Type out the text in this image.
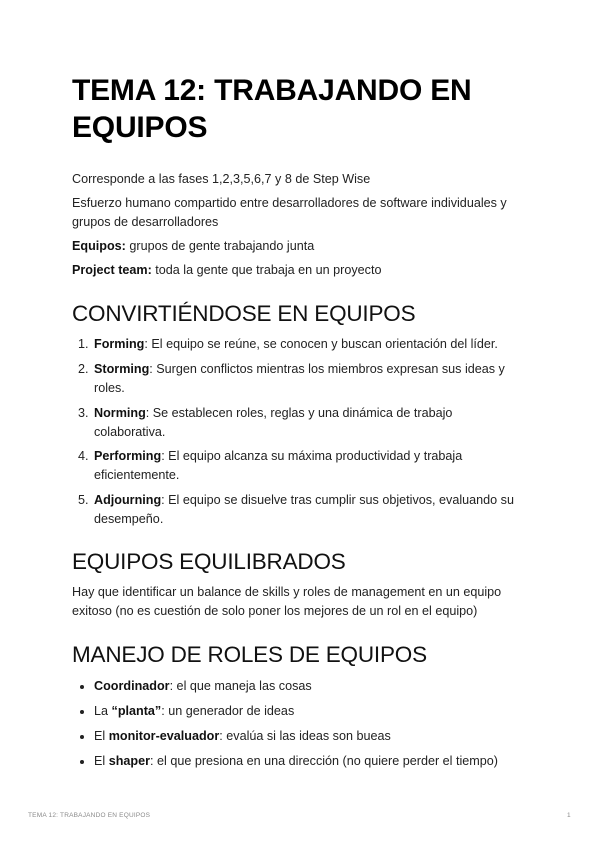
TEMA 12: TRABAJANDO EN EQUIPOS

Corresponde a las fases 1,2,3,5,6,7 y 8 de Step Wise

Esfuerzo humano compartido entre desarrolladores de software individuales y grupos de desarrolladores

Equipos: grupos de gente trabajando junta

Project team: toda la gente que trabaja en un proyecto

CONVIRTIÉNDOSE EN EQUIPOS
1. Forming: El equipo se reúne, se conocen y buscan orientación del líder.
2. Storming: Surgen conflictos mientras los miembros expresan sus ideas y roles.
3. Norming: Se establecen roles, reglas y una dinámica de trabajo colaborativa.
4. Performing: El equipo alcanza su máxima productividad y trabaja eficientemente.
5. Adjourning: El equipo se disuelve tras cumplir sus objetivos, evaluando su desempeño.
EQUIPOS EQUILIBRADOS

Hay que identificar un balance de skills y roles de management en un equipo exitoso (no es cuestión de solo poner los mejores de un rol en el equipo)

MANEJO DE ROLES DE EQUIPOS
Coordinador: el que maneja las cosas
La “planta”: un generador de ideas
El monitor-evaluador: evalúa si las ideas son bueas
El shaper: el que presiona en una dirección (no quiere perder el tiempo)
TEMA 12: TRABAJANDO EN EQUIPOS	1
